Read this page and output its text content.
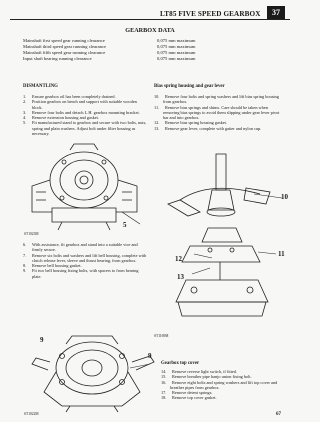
LT85 FIVE SPEED GEARBOX	37
GEARBOX DATA
Mainshaft first speed gear running clearance	0,075 mm maximum
Mainshaft third speed gear running clearance	0,075 mm maximum
Mainshaft fifth speed gear running clearance	0,075 mm maximum
Input shaft bearing running clearance	0,075 mm maximum
DISMANTLING
1. Ensure gearbox oil has been completely drained.
2. Position gearbox on bench and support with suitable wooden block.
3. Remove four bolts and detach L.H. gearbox mounting bracket.
4. Remove extension housing and gasket.
5. Fit manufactured stand to gearbox and secure with two bolts, nuts, spring and plain washers. Adjust bolt under filter housing as necessary.
5
ST1023M
6. With assistance, fit gearbox and stand into a suitable vice and firmly secure.
7. Remove six bolts and washers and lift bell housing, complete with clutch release lever, sleeve and thrust bearing, from gearbox.
8. Remove bell housing gasket.
9. Fit two bell housing fixing bolts, with spacers to from bearing plate.
Bias spring housing and gear lever
10. Remove four bolts and spring washers and lift bias spring housing from gearbox.
11. Remove bias springs and shims. Care should be taken when removing bias springs to avoid them slipping under gear lever pivot bar and into gearbox.
12. Remove bias spring housing gasket.
13. Remove gear lever, complete with gaiter and nylon cup.
10
11
12
13
ST1169M
9
9
ST1022M
Gearbox top cover
14. Remove reverse light switch, if fitted.
15. Remove breather pipe banjo union fixing bolt.
16. Remove eight bolts and spring washers and lift top cover and breather pipes from gearbox.
17. Remove detent springs.
18. Remove top cover gasket.
67
